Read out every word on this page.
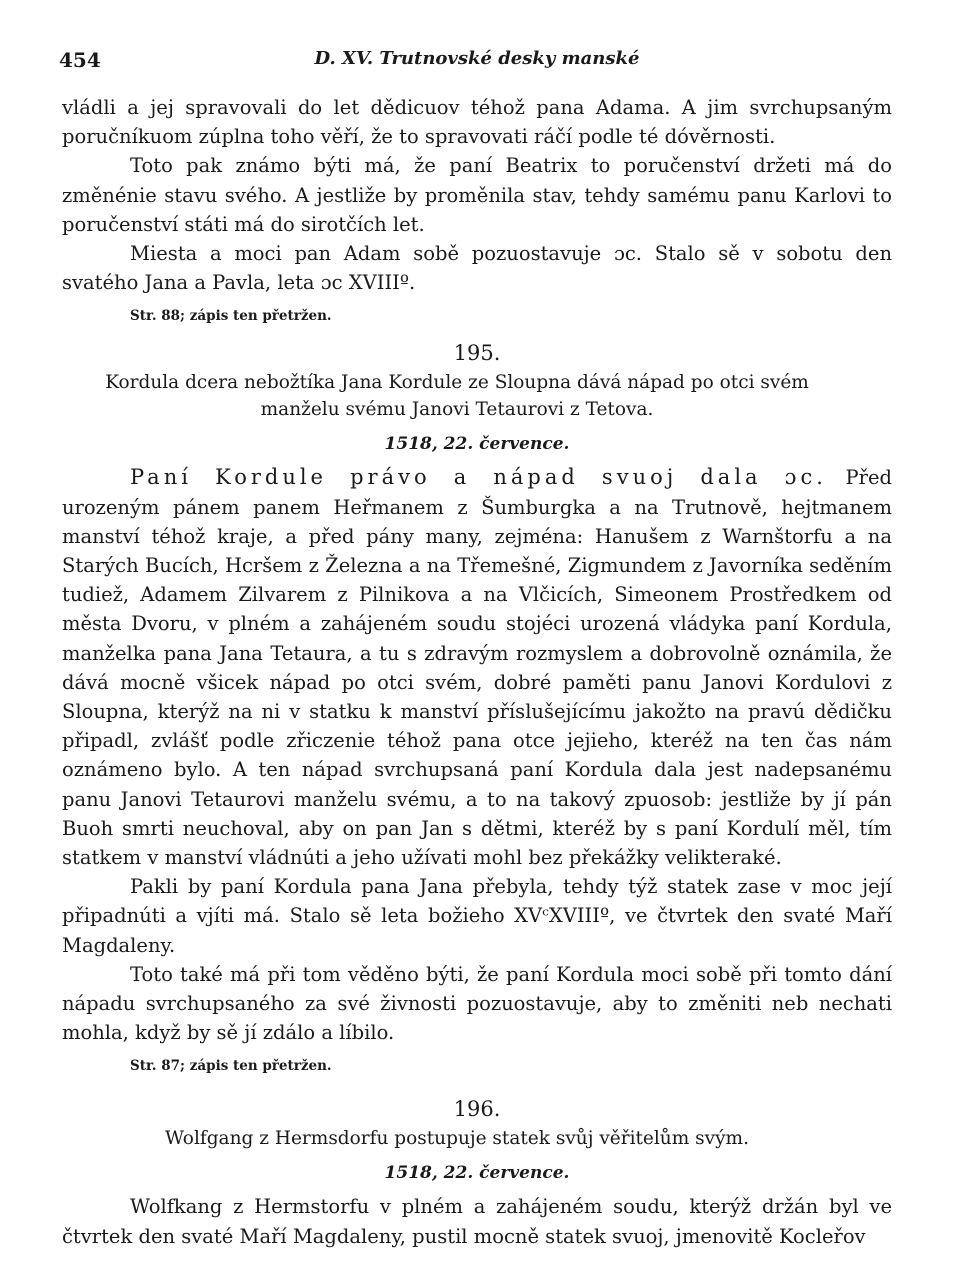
454	D. XV. Trutnovské desky manské

vládli a jej spravovali do let dědicuov téhož pana Adama. A jim svrchupsaným poručníkuom zúplna toho věří, že to spravovati ráčí podle té dóvěrnosti.

Toto pak známo býti má, že paní Beatrix to poručenství držeti má do změnénie stavu svého. A jestliže by proměnila stav, tehdy samému panu Karlovi to poručenství státi má do sirotčích let.

Miesta a moci pan Adam sobě pozuostavuje ɔc. Stalo sě v sobotu den svatého Jana a Pavla, leta ɔc XVIIIº.

Str. 88; zápis ten přetržen.
195.
Kordula dcera nebožtíka Jana Kordule ze Sloupna dává nápad po otci svém manželu svému Janovi Tetaurovi z Tetova.
1518, 22. července.

Paní Kordule právo a nápad svuoj dala ɔc. Před urozeným pánem panem Heřmanem z Šumburgka a na Trutnově, hejtmanem manství téhož kraje, a před pány many, zejména: Hanušem z Warnštorfu a na Starých Bucích, Hcršem z Železna a na Třemešné, Zigmundem z Javorníka seděním tudiež, Adamem Zilvarem z Pilnikova a na Vlčicích, Simeonem Prostředkem od města Dvoru, v plném a zahájeném soudu stojéci urozená vládyka paní Kordula, manželka pana Jana Tetaura, a tu s zdravým rozmyslem a dobrovolně oznámila, že dává mocně všicek nápad po otci svém, dobré paměti panu Janovi Kordulovi z Sloupna, kterýž na ni v statku k manství příslušejícímu jakožto na pravú dědičku připadl, zvlášť podle zřiczenie téhož pana otce jejieho, kteréž na ten čas nám oznámeno bylo. A ten nápad svrchupsaná paní Kordula dala jest nadepsanému panu Janovi Tetaurovi manželu svému, a to na takový zpuosob: jestliže by jí pán Buoh smrti neuchoval, aby on pan Jan s dětmi, kteréž by s paní Kordulí měl, tím statkem v manství vládnúti a jeho užívati mohl bez překážky velikteraké.

Pakli by paní Kordula pana Jana přebyla, tehdy týž statek zase v moc její připadnúti a vjíti má. Stalo sě leta božieho XVᶜXVIIIº, ve čtvrtek den svaté Maří Magdaleny.

Toto také má při tom věděno býti, že paní Kordula moci sobě při tomto dání nápadu svrchupsaného za své živnosti pozuostavuje, aby to změniti neb nechati mohla, když by sě jí zdálo a líbilo.

Str. 87; zápis ten přetržen.
196.
Wolfgang z Hermsdorfu postupuje statek svůj věřitelům svým.
1518, 22. července.

Wolfkang z Hermstorfu v plném a zahájeném soudu, kterýž držán byl ve čtvrtek den svaté Maří Magdaleny, pustil mocně statek svuoj, jmenovitě Kocleřov
